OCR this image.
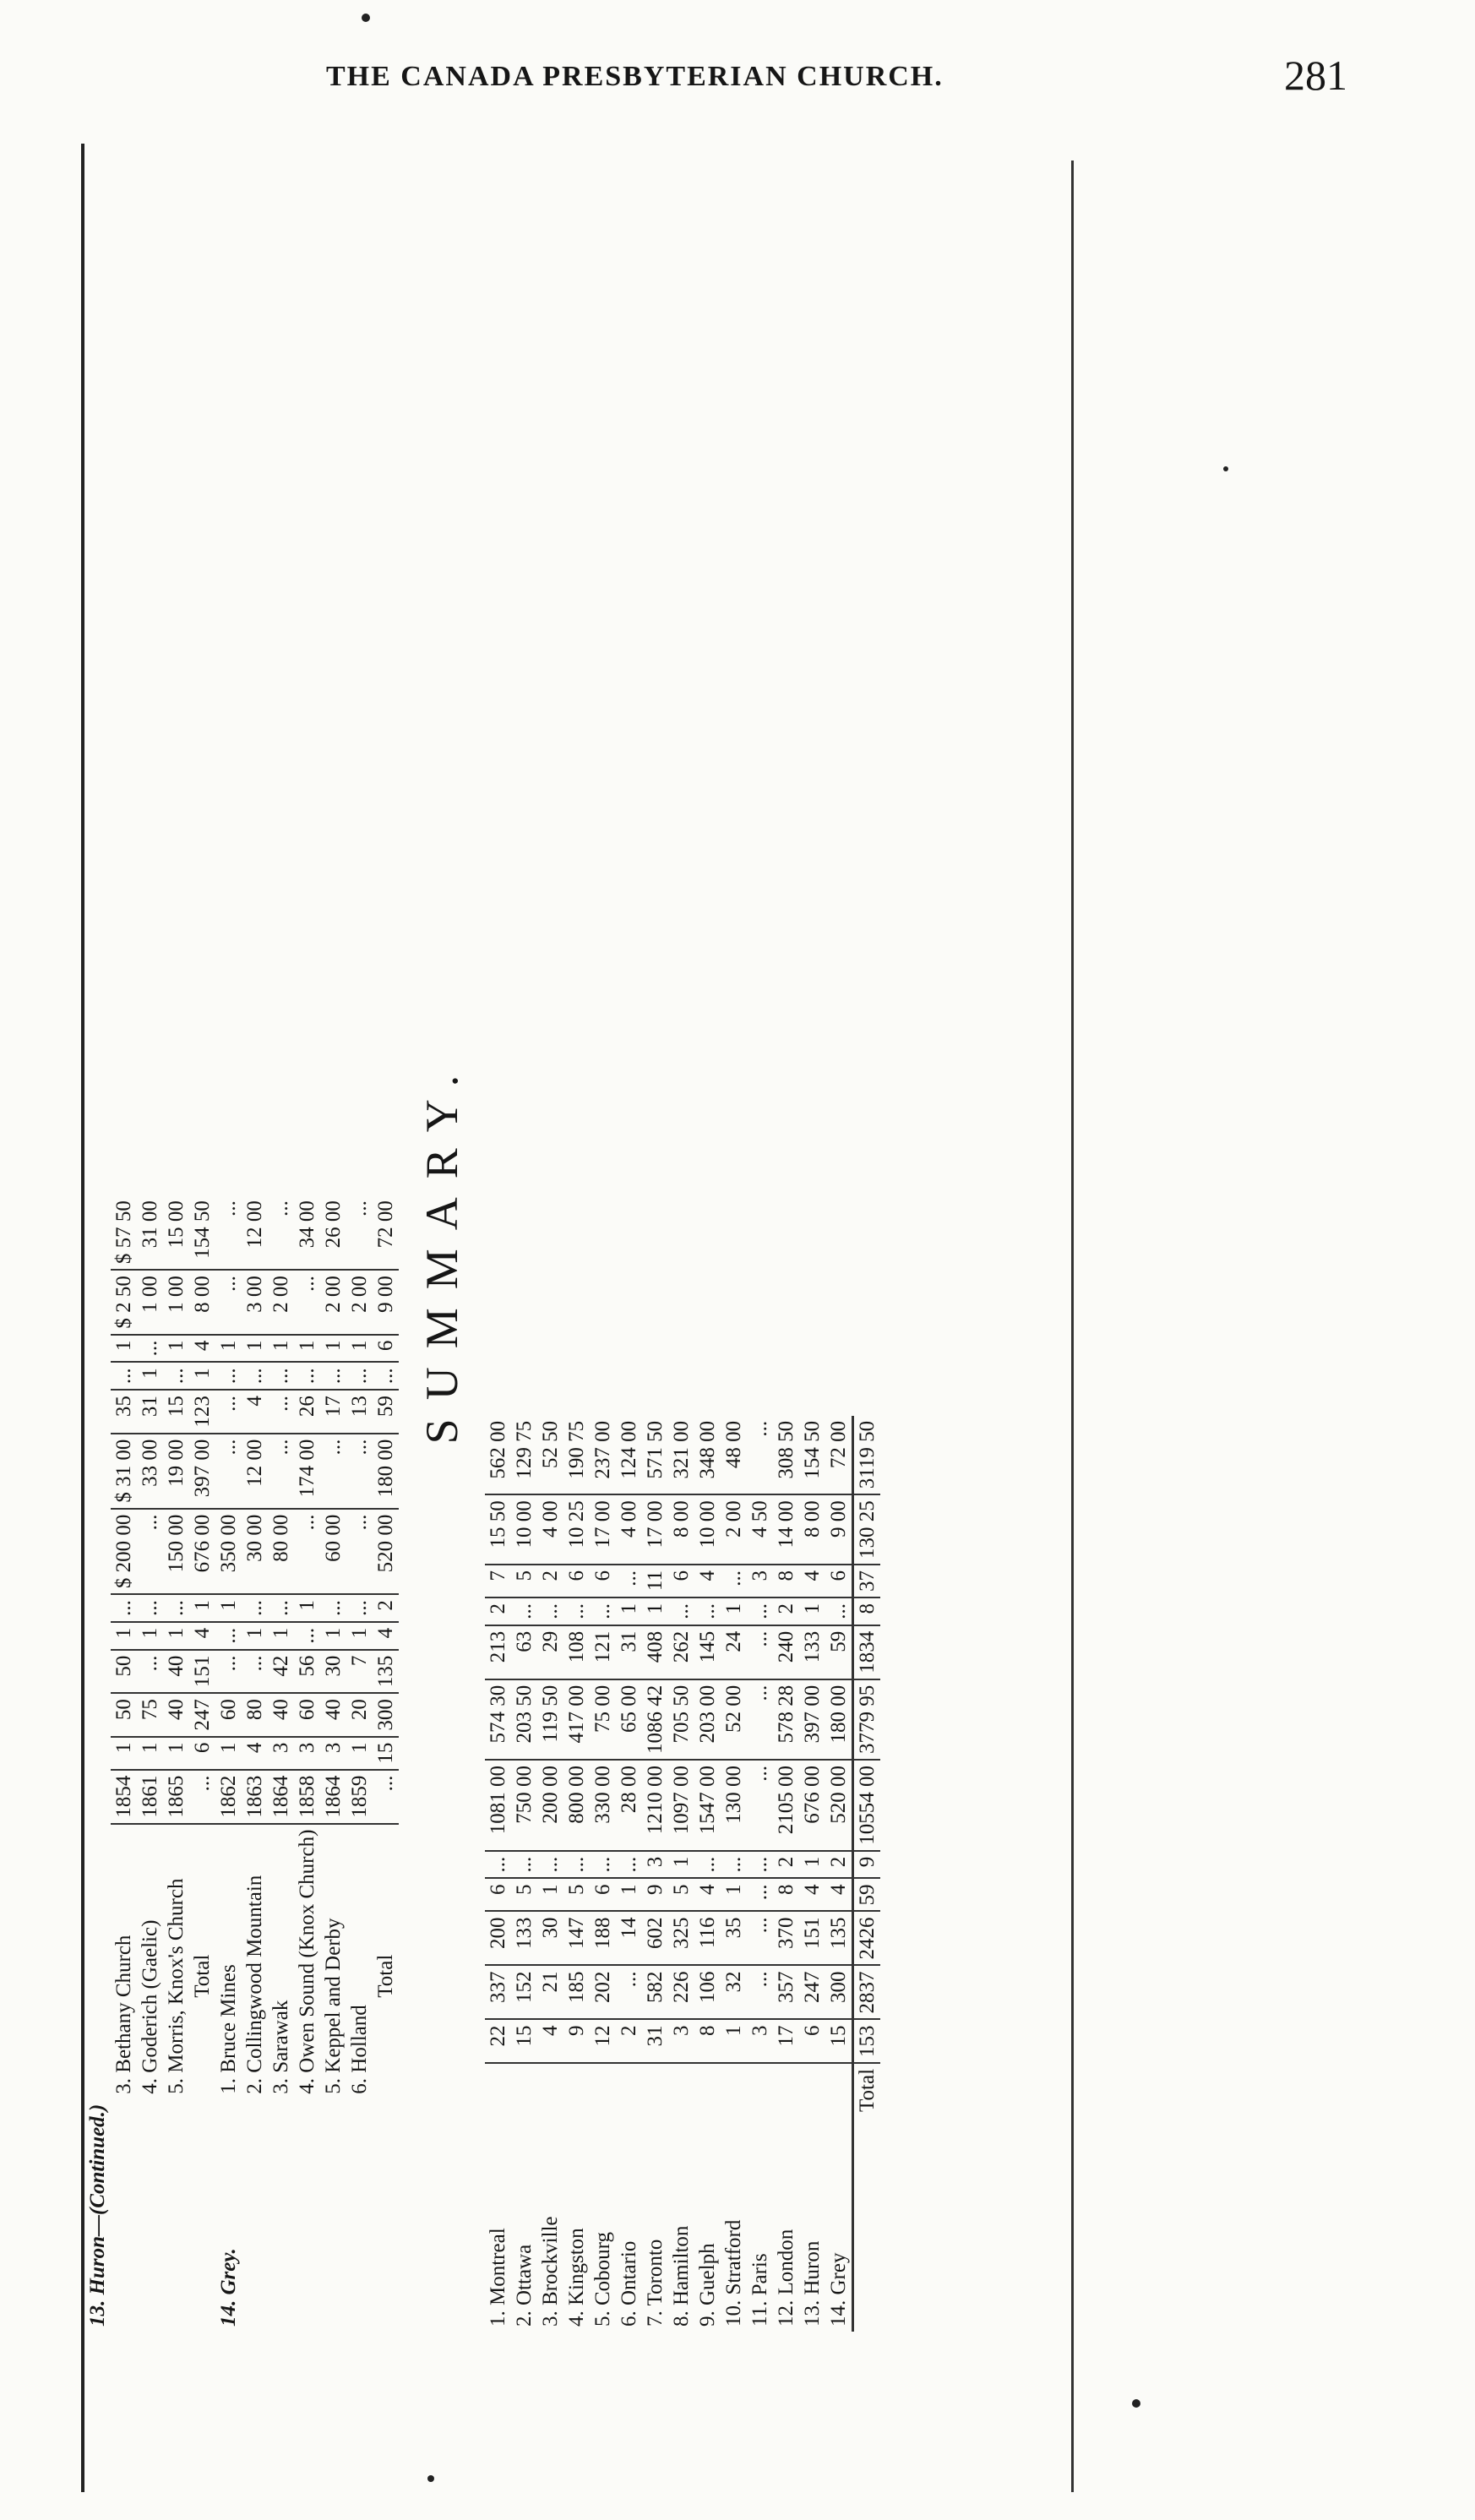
THE CANADA PRESBYTERIAN CHURCH.	281
13. Huron—(Continued.)														
	3. Bethany Church	1854	1	50	50	1	...	$ 200 00	$ 31 00	35	...	1	$ 2 50	$ 57 50
	4. Goderich (Gaelic)	1861	1	75	...	1	...	...	33 00	31	1	...	1 00	31 00
	5. Morris, Knox's Church	1865	1	40	40	1	...	150 00	19 00	15	...	1	1 00	15 00
	Total	...	6	247	151	4	1	676 00	397 00	123	1	4	8 00	154 50
14. Grey.	1. Bruce Mines	1862	1	60	...	...	1	350 00	...	...	...	1	...	...
	2. Collingwood Mountain	1863	4	80	...	1	...	30 00	12 00	4	...	1	3 00	12 00
	3. Sarawak	1864	3	40	42	1	...	80 00	...	...	...	1	2 00	...
	4. Owen Sound (Knox Church)	1858	3	60	56	...	1	...	174 00	26	...	1	...	34 00
	5. Keppel and Derby	1864	3	40	30	1	...	60 00	...	17	...	1	2 00	26 00
	6. Holland	1859	1	20	7	1	...	...	...	13	...	1	2 00	...
	Total	...	15	300	135	4	2	520 00	180 00	59	...	6	9 00	72 00 SUMMARY.
1. Montreal	22	337	200	6	...	1081 00	574 30	213	2	7	15 50	562 00
2. Ottawa	15	152	133	5	...	750 00	203 50	63	...	5	10 00	129 75
3. Brockville	4	21	30	1	...	200 00	119 50	29	...	2	4 00	52 50
4. Kingston	9	185	147	5	...	800 00	417 00	108	...	6	10 25	190 75
5. Cobourg	12	202	188	6	...	330 00	75 00	121	...	6	17 00	237 00
6. Ontario	2	...	14	1	...	28 00	65 00	31	1	...	4 00	124 00
7. Toronto	31	582	602	9	3	1210 00	1086 42	408	1	11	17 00	571 50
8. Hamilton	3	226	325	5	1	1097 00	705 50	262	...	6	8 00	321 00
9. Guelph	8	106	116	4	...	1547 00	203 00	145	...	4	10 00	348 00
10. Stratford	1	32	35	1	...	130 00	52 00	24	1	...	2 00	48 00
11. Paris	3	...	...	...	...	...	...	...	...	3	4 50	...
12. London	17	357	370	8	2	2105 00	578 28	240	2	8	14 00	308 50
13. Huron	6	247	151	4	1	676 00	397 00	133	1	4	8 00	154 50
14. Grey	15	300	135	4	2	520 00	180 00	59	...	6	9 00	72 00
Total	153	2837	2426	59	9	10554 00	3779 95	1834	8	37	130 25	3119 50
